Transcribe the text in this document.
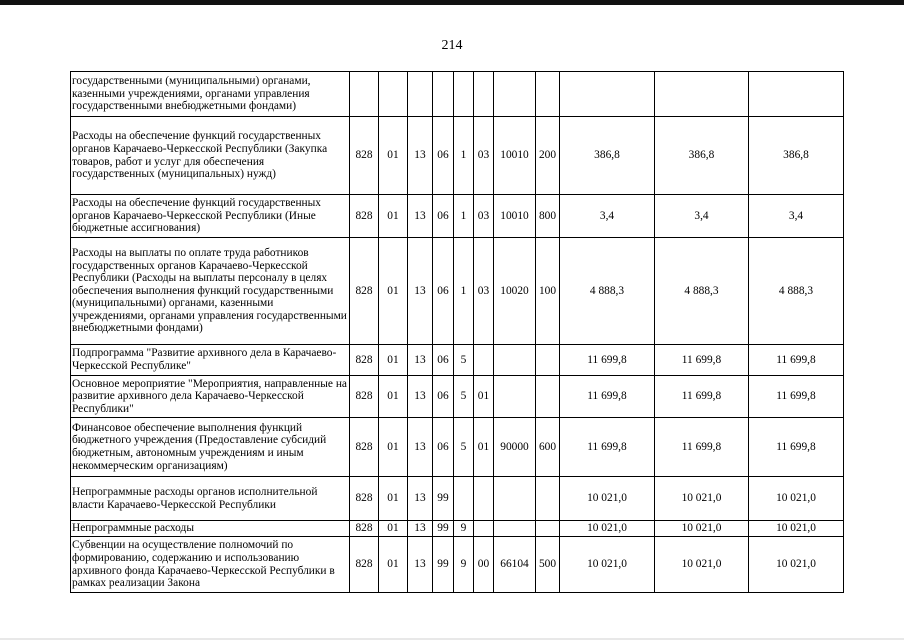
214
государственными (муниципальными) органами, казенными учреждениями, органами управления государственными внебюджетными фондами)											
Расходы на обеспечение функций государственных органов Карачаево-Черкесской Республики (Закупка товаров, работ и услуг для обеспечения государственных (муниципальных) нужд)	828	01	13	06	1	03	10010	200	386,8	386,8	386,8
Расходы на обеспечение функций государственных органов Карачаево-Черкесской Республики (Иные бюджетные ассигнования)	828	01	13	06	1	03	10010	800	3,4	3,4	3,4
Расходы на выплаты по оплате труда работников государственных органов Карачаево-Черкесской Республики (Расходы на выплаты персоналу в целях обеспечения выполнения функций государственными (муниципальными) органами, казенными учреждениями, органами управления государственными внебюджетными фондами)	828	01	13	06	1	03	10020	100	4 888,3	4 888,3	4 888,3
Подпрограмма "Развитие архивного дела в Карачаево-Черкесской Республике"	828	01	13	06	5				11 699,8	11 699,8	11 699,8
Основное мероприятие "Мероприятия, направленные на развитие архивного дела Карачаево-Черкесской Республики"	828	01	13	06	5	01			11 699,8	11 699,8	11 699,8
Финансовое обеспечение выполнения функций бюджетного учреждения (Предоставление субсидий бюджетным, автономным учреждениям и иным некоммерческим организациям)	828	01	13	06	5	01	90000	600	11 699,8	11 699,8	11 699,8
Непрограммные расходы органов исполнительной власти Карачаево-Черкесской Республики	828	01	13	99					10 021,0	10 021,0	10 021,0
Непрограммные расходы	828	01	13	99	9				10 021,0	10 021,0	10 021,0
Субвенции на осуществление полномочий по формированию, содержанию и использованию архивного фонда Карачаево-Черкесской Республики в рамках реализации Закона	828	01	13	99	9	00	66104	500	10 021,0	10 021,0	10 021,0
